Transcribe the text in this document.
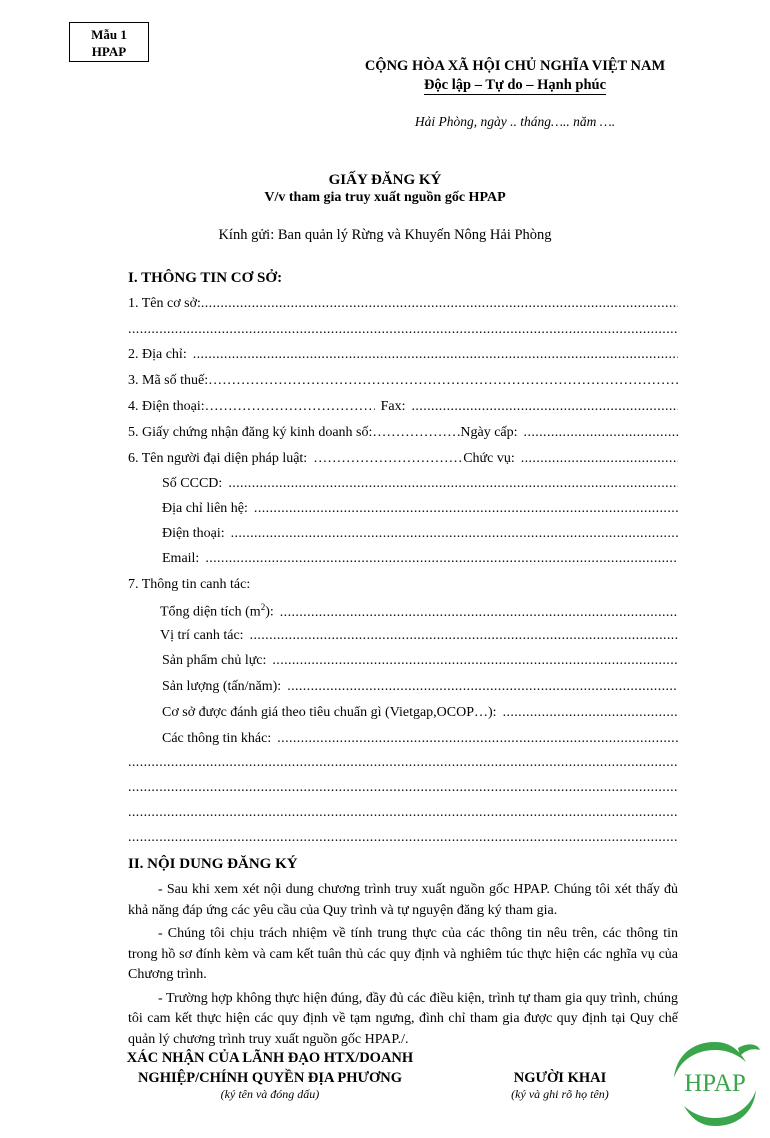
Mẫu 1
HPAP
CỘNG HÒA XÃ HỘI CHỦ NGHĨA VIỆT NAM
Độc lập – Tự do – Hạnh phúc
Hải Phòng, ngày .. tháng….. năm ….
GIẤY ĐĂNG KÝ
V/v tham gia truy xuất nguồn gốc HPAP
Kính gửi: Ban quản lý Rừng và Khuyến Nông Hải Phòng
I. THÔNG TIN CƠ SỞ:
1. Tên cơ sở:
.....
.....
2. Địa chỉ:
.....
3. Mã số thuế:
…………………………………………………………………………………………………………………………………………………………
4. Điện thoại: …………………………………………………………………………………………………………………………………………………………	Fax:
.....
5. Giấy chứng nhận đăng ký kinh doanh số: …………………………………………………………………………………………………………………………………………………………	Ngày cấp:
.....
6. Tên người đại diện pháp luật: …………………………………………………………………………………………………………………………………………………………	Chức vụ:
.....
Số CCCD:
.....
Địa chỉ liên hệ:
.....
Điện thoại:
.....
Email:
.....
7. Thông tin canh tác:
Tổng diện tích $(m^2)$:
.....
Vị trí canh tác:
.....
Sản phẩm chủ lực:
.....
Sản lượng (tấn/năm):
.....
Cơ sở được đánh giá theo tiêu chuẩn gì (Vietgap,OCOP…):
.....
Các thông tin khác:
.....
.....
.....
.....
.....
II. NỘI DUNG ĐĂNG KÝ

- Sau khi xem xét nội dung chương trình truy xuất nguồn gốc HPAP. Chúng tôi xét thấy đủ khả năng đáp ứng các yêu cầu của Quy trình và tự nguyện đăng ký tham gia.

- Chúng tôi chịu trách nhiệm về tính trung thực của các thông tin nêu trên, các thông tin trong hồ sơ đính kèm và cam kết tuân thủ các quy định và nghiêm túc thực hiện các nghĩa vụ của Chương trình.

- Trường hợp không thực hiện đúng, đầy đủ các điều kiện, trình tự tham gia quy trình, chúng tôi cam kết thực hiện các quy định về tạm ngưng, đình chỉ tham gia được quy định tại Quy chế quản lý chương trình truy xuất nguồn gốc HPAP./.

XÁC NHẬN CỦA LÃNH ĐẠO HTX/DOANH
NGHIỆP/CHÍNH QUYỀN ĐỊA PHƯƠNG
(ký tên và đóng dấu)
NGƯỜI KHAI
(ký và ghi rõ họ tên)	HPAP
